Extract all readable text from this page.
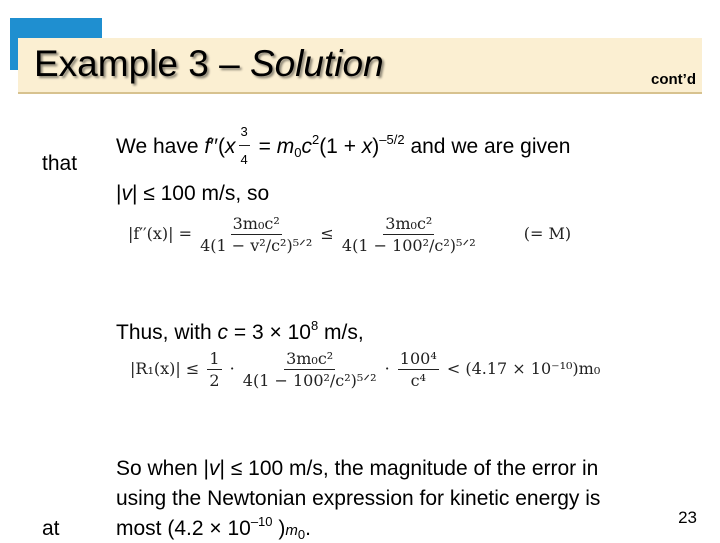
Example 3 – Solution	cont’d
We have $f''(x \frac{3}{4} = m_0c^2(1 + x)^{-5/2}$ and we are given
that
|v| ≤ 100 m/s, so
$|f''(x)| = \frac{\text{3m₀c²}}{\text{4(1 − v²/c²)⁵ᐟ²}} \le \frac{\text{3m₀c²}}{\text{4(1 − 100²/c²)⁵ᐟ²}}$	(= M)
Thus, with $c = 3 \times 10^8$ m/s,
$|R_1(x)| \le \frac{1}{2} \cdot \frac{\text{3m₀c²}}{\text{4(1 − 100²/c²)⁵ᐟ²}} \cdot \frac{\text{100⁴}}{\text{c⁴}} < (4.17 \times 10^{-10})m_0$
So when |v| ≤ 100 m/s, the magnitude of the error in
using the Newtonian expression for kinetic energy is
at	most ($4.2 \times 10^{-10}$ )$m_0$.	23
